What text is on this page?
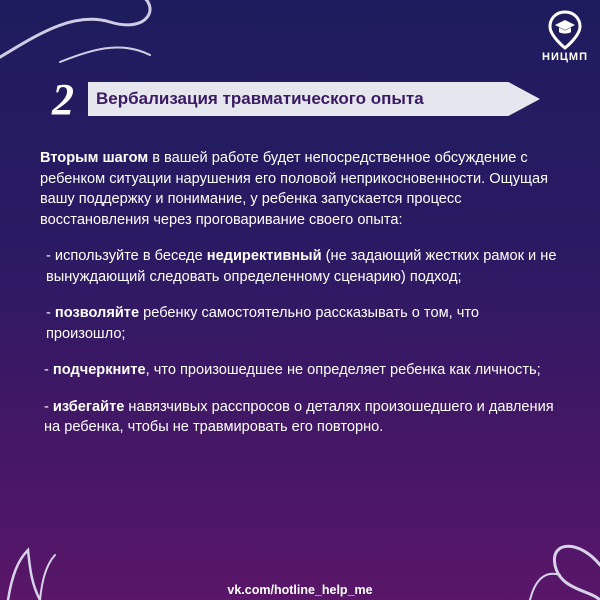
НИЦМП
2 Вербализация травматического опыта

Вторым шагом в вашей работе будет непосредственное обсуждение с ребенком ситуации нарушения его половой неприкосновенности. Ощущая вашу поддержку и понимание, у ребенка запускается процесс восстановления через проговаривание своего опыта:

- используйте в беседе недирективный (не задающий жестких рамок и не вынуждающий следовать определенному сценарию) подход;

- позволяйте ребенку самостоятельно рассказывать о том, что произошло;

- подчеркните, что произошедшее не определяет ребенка как личность;

- избегайте навязчивых расспросов о деталях произошедшего и давления на ребенка, чтобы не травмировать его повторно.

vk.com/hotline_help_me
